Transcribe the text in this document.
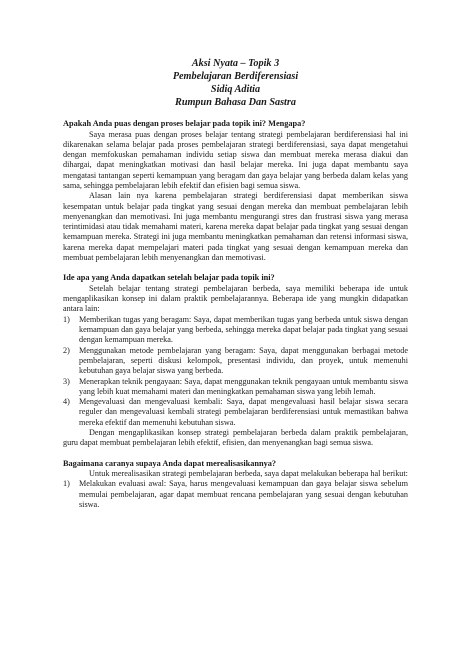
Aksi Nyata – Topik 3
Pembelajaran Berdiferensiasi
Sidiq Aditia
Rumpun Bahasa Dan Sastra
Apakah Anda puas dengan proses belajar pada topik ini? Mengapa?

Saya merasa puas dengan proses belajar tentang strategi pembelajaran berdiferensiasi hal ini dikarenakan selama belajar pada proses pembelajaran strategi berdiferensiasi, saya dapat mengetahui dengan memfokuskan pemahaman individu setiap siswa dan membuat mereka merasa diakui dan dihargai, dapat meningkatkan motivasi dan hasil belajar mereka. Ini juga dapat membantu saya mengatasi tantangan seperti kemampuan yang beragam dan gaya belajar yang berbeda dalam kelas yang sama, sehingga pembelajaran lebih efektif dan efisien bagi semua siswa.

Alasan lain nya karena pembelajaran strategi berdiferensiasi dapat memberikan siswa kesempatan untuk belajar pada tingkat yang sesuai dengan mereka dan membuat pembelajaran lebih menyenangkan dan memotivasi. Ini juga membantu mengurangi stres dan frustrasi siswa yang merasa terintimidasi atau tidak memahami materi, karena mereka dapat belajar pada tingkat yang sesuai dengan kemampuan mereka. Strategi ini juga membantu meningkatkan pemahaman dan retensi informasi siswa, karena mereka dapat mempelajari materi pada tingkat yang sesuai dengan kemampuan mereka dan membuat pembelajaran lebih menyenangkan dan memotivasi.

Ide apa yang Anda dapatkan setelah belajar pada topik ini?

Setelah belajar tentang strategi pembelajaran berbeda, saya memiliki beberapa ide untuk mengaplikasikan konsep ini dalam praktik pembelajarannya. Beberapa ide yang mungkin didapatkan antara lain:

1) Memberikan tugas yang beragam: Saya, dapat memberikan tugas yang berbeda untuk siswa dengan kemampuan dan gaya belajar yang berbeda, sehingga mereka dapat belajar pada tingkat yang sesuai dengan kemampuan mereka.
2) Menggunakan metode pembelajaran yang beragam: Saya, dapat menggunakan berbagai metode pembelajaran, seperti diskusi kelompok, presentasi individu, dan proyek, untuk memenuhi kebutuhan gaya belajar siswa yang berbeda.
3) Menerapkan teknik pengayaan: Saya, dapat menggunakan teknik pengayaan untuk membantu siswa yang lebih kuat memahami materi dan meningkatkan pemahaman siswa yang lebih lemah.
4) Mengevaluasi dan mengevaluasi kembali: Saya, dapat mengevaluasi hasil belajar siswa secara reguler dan mengevaluasi kembali strategi pembelajaran berdiferensiasi untuk memastikan bahwa mereka efektif dan memenuhi kebutuhan siswa.

Dengan mengaplikasikan konsep strategi pembelajaran berbeda dalam praktik pembelajaran, guru dapat membuat pembelajaran lebih efektif, efisien, dan menyenangkan bagi semua siswa.

Bagaimana caranya supaya Anda dapat merealisasikannya?

Untuk merealisasikan strategi pembelajaran berbeda, saya dapat melakukan beberapa hal berikut:

1) Melakukan evaluasi awal: Saya, harus mengevaluasi kemampuan dan gaya belajar siswa sebelum memulai pembelajaran, agar dapat membuat rencana pembelajaran yang sesuai dengan kebutuhan siswa.
